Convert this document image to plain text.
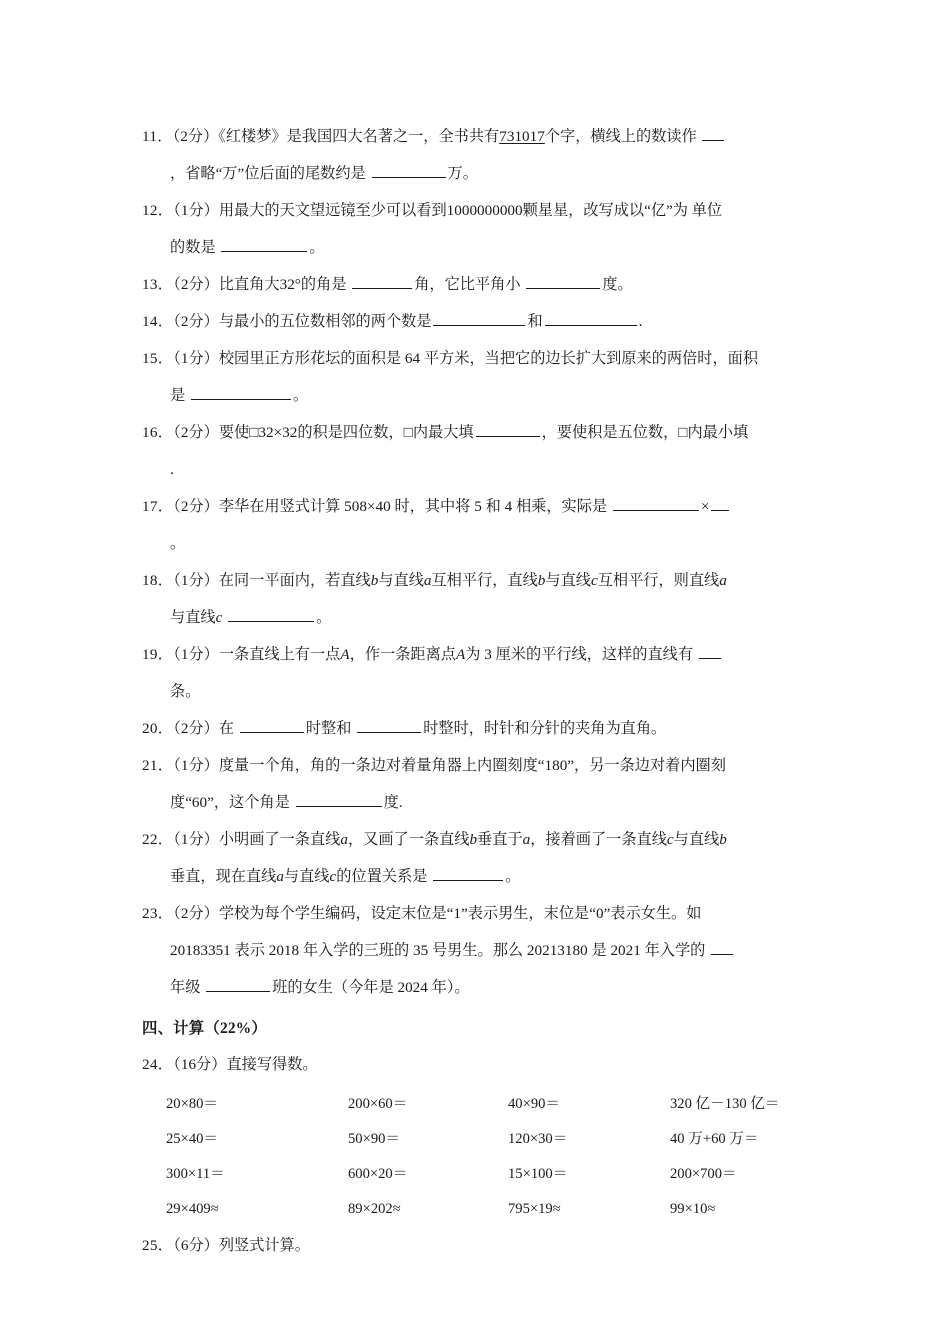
11．（2分）《红楼梦》是我国四大名著之一，全书共有731017个字，横线上的数读作
，省略“万”位后面的尾数约是	万。
12．（1分）用最大的天文望远镜至少可以看到1000000000颗星星，改写成以“亿”为 单位
的数是	。
13．（2分）比直角大32°的角是	角，它比平角小	度。
14．（2分）与最小的五位数相邻的两个数是	和	.
15．（1分）校园里正方形花坛的面积是 64 平方米，当把它的边长扩大到原来的两倍时，面积
是	。
16．（2分）要使□32×32的积是四位数，□内最大填	，要使积是五位数，□内最小填
.
17．（2分）李华在用竖式计算 508×40 时，其中将 5 和 4 相乘，实际是	×
。
18．（1分）在同一平面内，若直线b与直线a互相平行，直线b与直线c互相平行，则直线a
与直线c	。
19．（1分）一条直线上有一点A，作一条距离点A为 3 厘米的平行线，这样的直线有
条。
20．（2分）在	时整和	时整时，时针和分针的夹角为直角。
21．（1分）度量一个角，角的一条边对着量角器上内圈刻度“180”，另一条边对着内圈刻
度“60”，这个角是	度.
22．（1分）小明画了一条直线a，又画了一条直线b垂直于a，接着画了一条直线c与直线b
垂直，现在直线a与直线c的位置关系是	。
23．（2分）学校为每个学生编码，设定末位是“1”表示男生，末位是“0”表示女生。如
20183351 表示 2018 年入学的三班的 35 号男生。那么 20213180 是 2021 年入学的
年级	班的女生（今年是 2024 年）。
四、计算（22%）
24．（16分）直接写得数。
20×80＝	200×60＝	40×90＝	320 亿－130 亿＝
25×40＝	50×90＝	120×30＝	40 万+60 万＝
300×11＝	600×20＝	15×100＝	200×700＝
29×409≈	89×202≈	795×19≈	99×10≈
25．（6分）列竖式计算。
